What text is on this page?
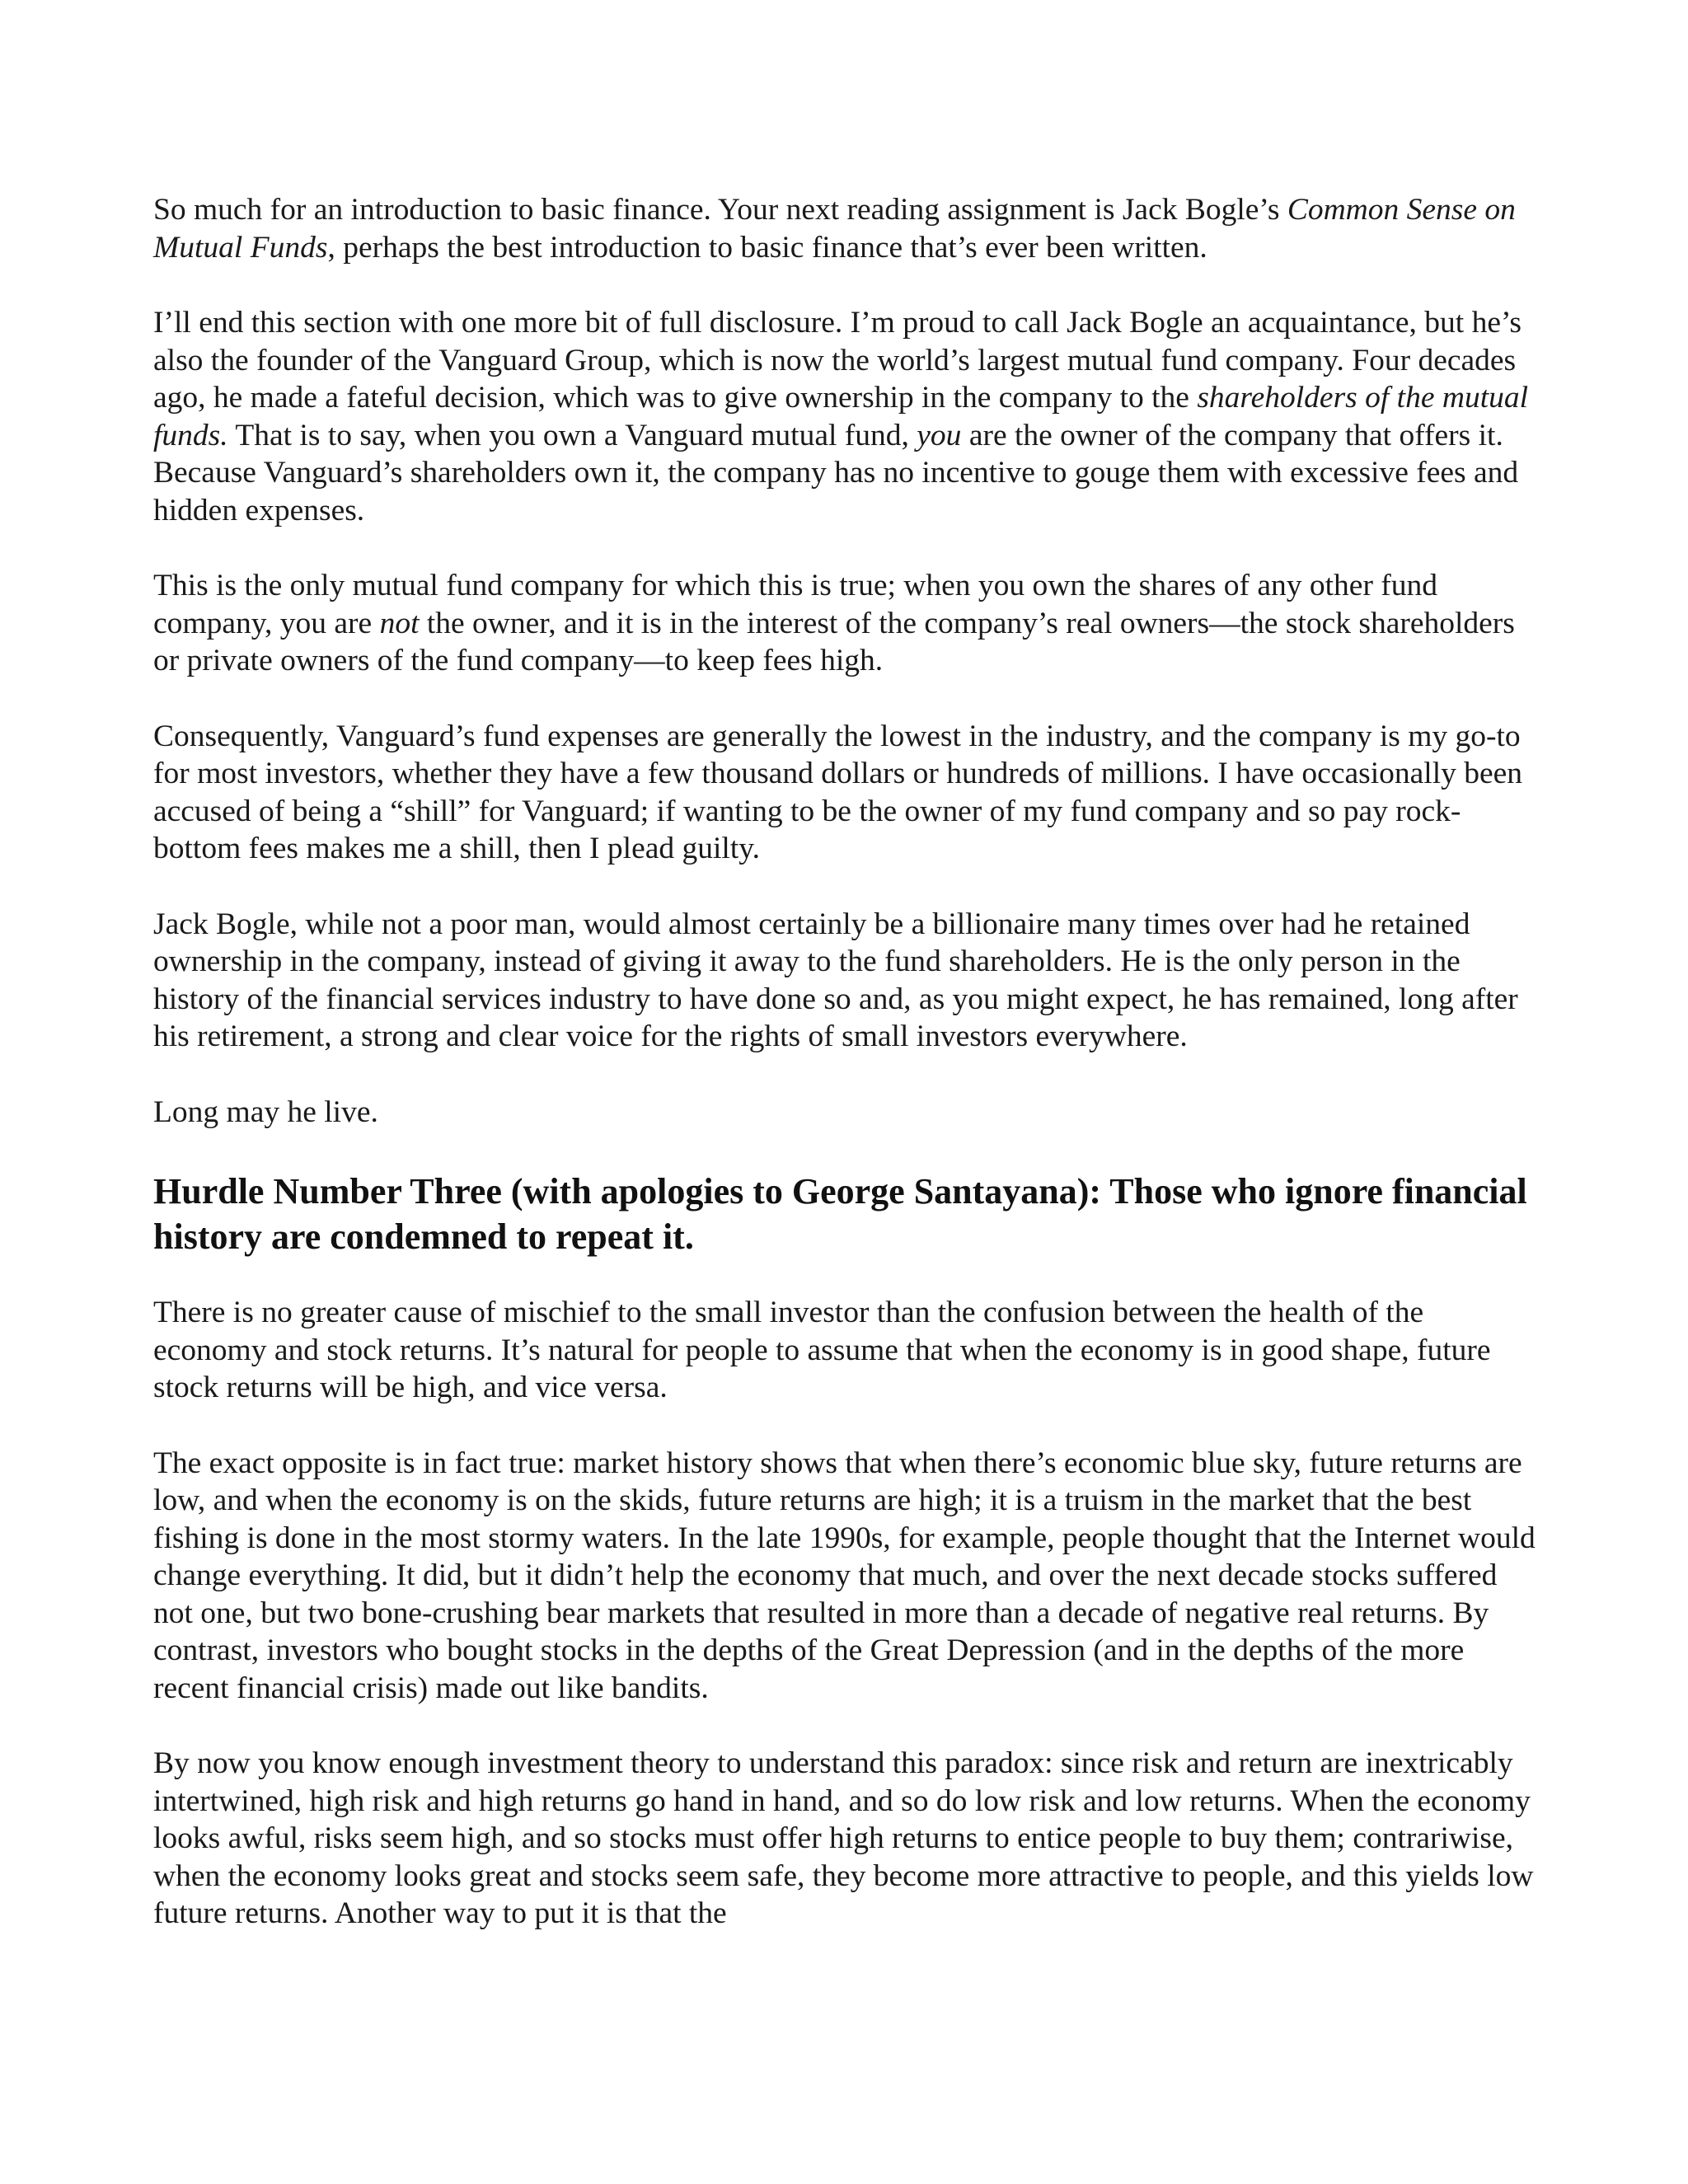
So much for an introduction to basic finance. Your next reading assignment is Jack Bogle’s Common Sense on Mutual Funds, perhaps the best introduction to basic finance that’s ever been written.

I’ll end this section with one more bit of full disclosure. I’m proud to call Jack Bogle an acquaintance, but he’s also the founder of the Vanguard Group, which is now the world’s largest mutual fund company. Four decades ago, he made a fateful decision, which was to give ownership in the company to the shareholders of the mutual funds. That is to say, when you own a Vanguard mutual fund, you are the owner of the company that offers it. Because Vanguard’s shareholders own it, the company has no incentive to gouge them with excessive fees and hidden expenses.

This is the only mutual fund company for which this is true; when you own the shares of any other fund company, you are not the owner, and it is in the interest of the company’s real owners—the stock shareholders or private owners of the fund company—to keep fees high.

Consequently, Vanguard’s fund expenses are generally the lowest in the industry, and the company is my go-to for most investors, whether they have a few thousand dollars or hundreds of millions. I have occasionally been accused of being a “shill” for Vanguard; if wanting to be the owner of my fund company and so pay rock-bottom fees makes me a shill, then I plead guilty.

Jack Bogle, while not a poor man, would almost certainly be a billionaire many times over had he retained ownership in the company, instead of giving it away to the fund shareholders. He is the only person in the history of the financial services industry to have done so and, as you might expect, he has remained, long after his retirement, a strong and clear voice for the rights of small investors everywhere.

Long may he live.

Hurdle Number Three (with apologies to George Santayana): Those who ignore financial history are condemned to repeat it.

There is no greater cause of mischief to the small investor than the confusion between the health of the economy and stock returns. It’s natural for people to assume that when the economy is in good shape, future stock returns will be high, and vice versa.

The exact opposite is in fact true: market history shows that when there’s economic blue sky, future returns are low, and when the economy is on the skids, future returns are high; it is a truism in the market that the best fishing is done in the most stormy waters. In the late 1990s, for example, people thought that the Internet would change everything. It did, but it didn’t help the economy that much, and over the next decade stocks suffered not one, but two bone-crushing bear markets that resulted in more than a decade of negative real returns. By contrast, investors who bought stocks in the depths of the Great Depression (and in the depths of the more recent financial crisis) made out like bandits.

By now you know enough investment theory to understand this paradox: since risk and return are inextricably intertwined, high risk and high returns go hand in hand, and so do low risk and low returns. When the economy looks awful, risks seem high, and so stocks must offer high returns to entice people to buy them; contrariwise, when the economy looks great and stocks seem safe, they become more attractive to people, and this yields low future returns. Another way to put it is that the
